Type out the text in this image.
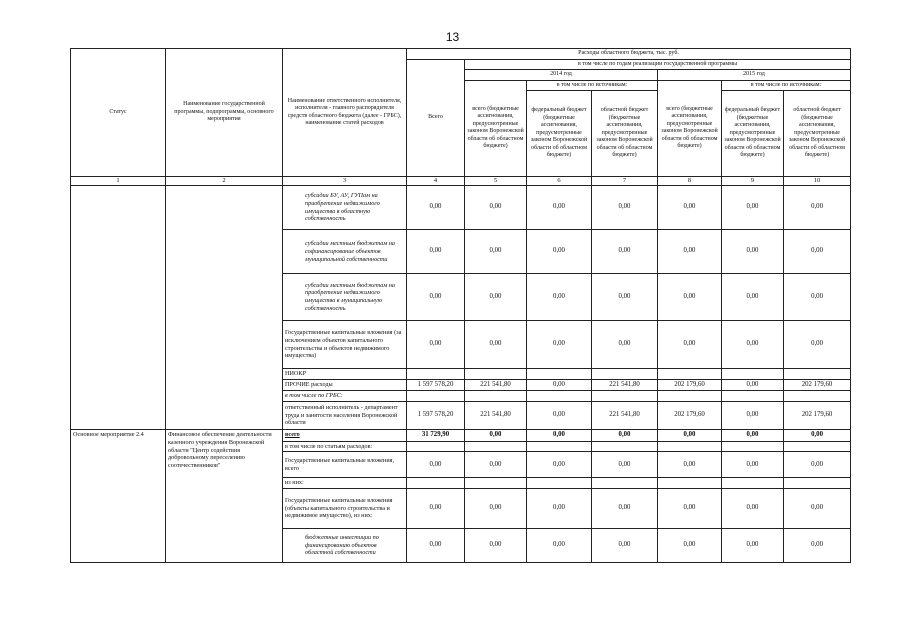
13
Статус	Наименование государственной программы, подпрограммы, основного мероприятия	Наименование ответственного исполнителя, исполнителя - главного распорядителя средств областного бюджета (далее - ГРБС), наименование статей расходов	Расходы областного бюджета, тыс. руб.						
			Всего	в том числе по годам реализации государственной программы					
				2014 год			2015 год		
				всего (бюджетные ассигнования, предусмотренные законом Воронежской области об областном бюджете)	в том числе по источникам:		всего (бюджетные ассигнования, предусмотренные законом Воронежской области об областном бюджете)	в том числе по источникам:	
					федеральный бюджет (бюджетные ассигнования, предусмотренные законом Воронежской области об областном бюджете)	областной бюджет (бюджетные ассигнования, предусмотренные законом Воронежской области об областном бюджете)		федеральный бюджет (бюджетные ассигнования, предусмотренные законом Воронежской области об областном бюджете)	областной бюджет (бюджетные ассигнования, предусмотренные законом Воронежской области об областном бюджете)
1	2	3	4	5	6	7	8	9	10
		субсидии БУ, АУ, ГУПам на приобретение недвижимого имущества в областную собственность	0,00	0,00	0,00	0,00	0,00	0,00	0,00
		субсидии местным бюджетам на софинансирование объектов муниципальной собственности	0,00	0,00	0,00	0,00	0,00	0,00	0,00
		субсидии местным бюджетам на приобретение недвижимого имущества в муниципальную собственность	0,00	0,00	0,00	0,00	0,00	0,00	0,00
		Государственные капитальные вложения (за исключением объектов капитального строительства и объектов недвижимого имущества)	0,00	0,00	0,00	0,00	0,00	0,00	0,00
		НИОКР							
		ПРОЧИЕ расходы	1 597 578,20	221 541,80	0,00	221 541,80	202 179,60	0,00	202 179,60
		в том числе по ГРБС:							
		ответственный исполнитель - департамент труда и занятости населения Воронежской области	1 597 578,20	221 541,80	0,00	221 541,80	202 179,60	0,00	202 179,60
Основное мероприятие 2.4	Финансовое обеспечение деятельности казенного учреждения Воронежской области "Центр содействия добровольному переселению соотечественников"	всего	31 729,90	0,00	0,00	0,00	0,00	0,00	0,00
		в том числе по статьям расходов:							
		Государственные капитальные вложения, всего	0,00	0,00	0,00	0,00	0,00	0,00	0,00
		из них:							
		Государственные капитальные вложения (объекты капитального строительства и недвижимое имущество), из них:	0,00	0,00	0,00	0,00	0,00	0,00	0,00
		бюджетные инвестиции по финансированию объектов областной собственности	0,00	0,00	0,00	0,00	0,00	0,00	0,00
